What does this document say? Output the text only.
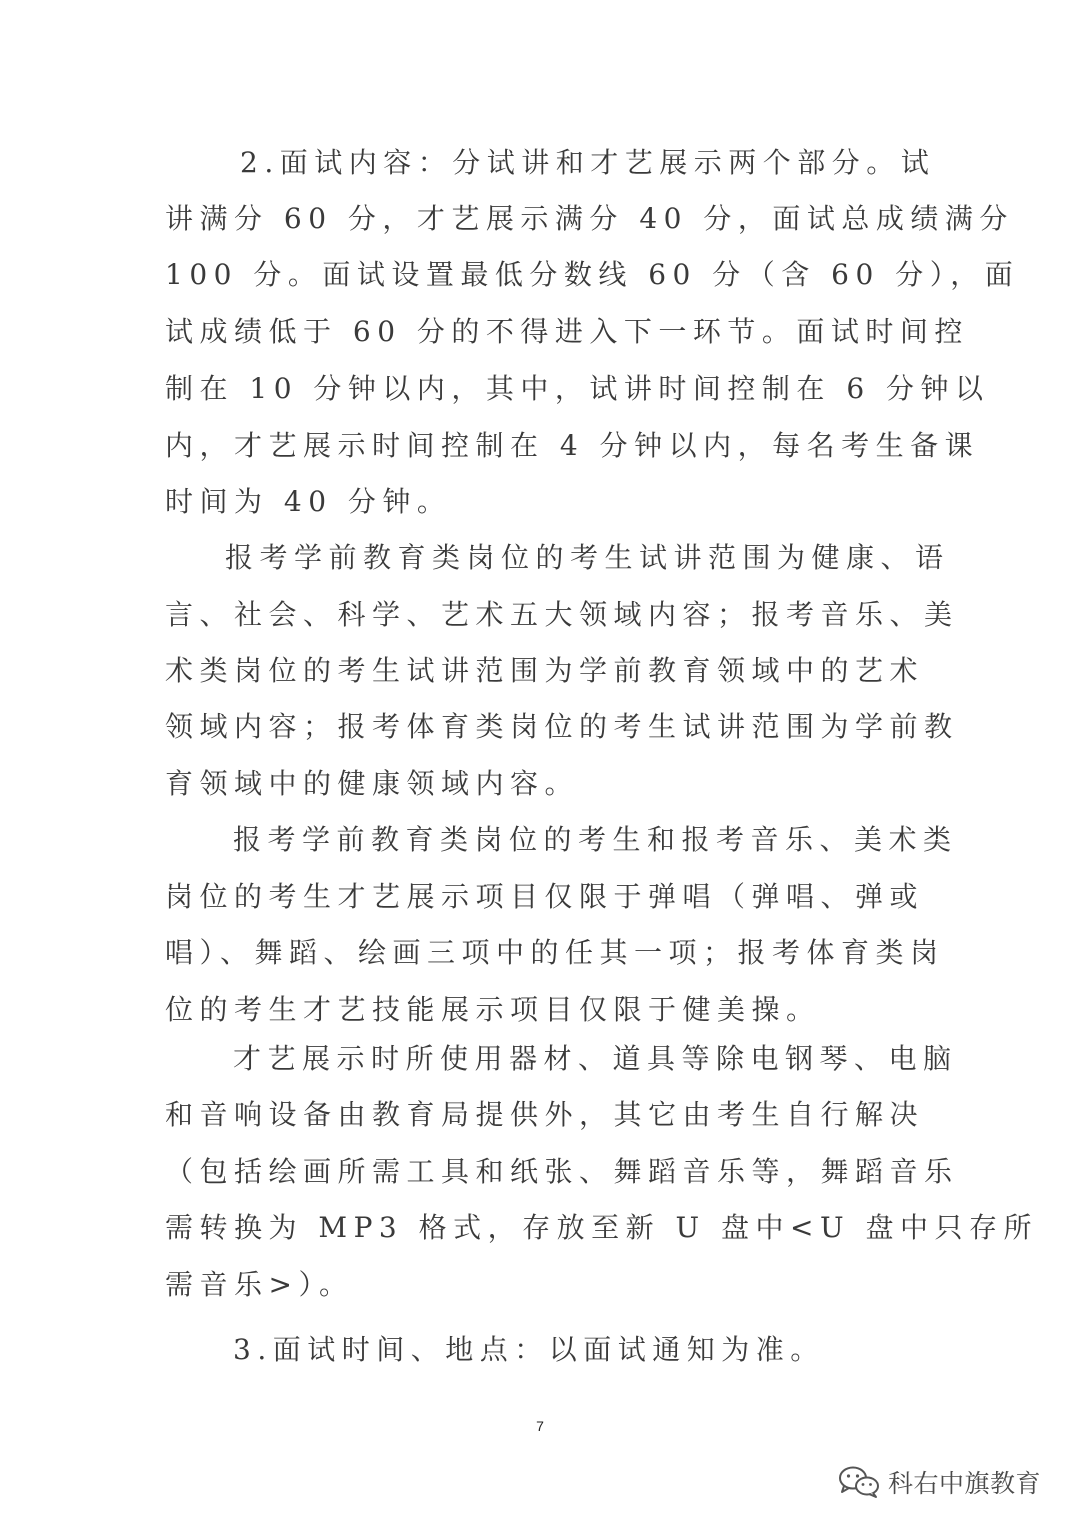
2.面试内容：分试讲和才艺展示两个部分。试
讲满分 60 分，才艺展示满分 40 分，面试总成绩满分
100 分。面试设置最低分数线 60 分（含 60 分），面
试成绩低于 60 分的不得进入下一环节。面试时间控
制在 10 分钟以内，其中，试讲时间控制在 6 分钟以
内，才艺展示时间控制在 4 分钟以内，每名考生备课
时间为 40 分钟。
报考学前教育类岗位的考生试讲范围为健康、语
言、社会、科学、艺术五大领域内容；报考音乐、美
术类岗位的考生试讲范围为学前教育领域中的艺术
领域内容；报考体育类岗位的考生试讲范围为学前教
育领域中的健康领域内容。
报考学前教育类岗位的考生和报考音乐、美术类
岗位的考生才艺展示项目仅限于弹唱（弹唱、弹或
唱）、舞蹈、绘画三项中的任其一项；报考体育类岗
位的考生才艺技能展示项目仅限于健美操。
才艺展示时所使用器材、道具等除电钢琴、电脑
和音响设备由教育局提供外，其它由考生自行解决
（包括绘画所需工具和纸张、舞蹈音乐等，舞蹈音乐
需转换为 MP3 格式，存放至新 U 盘中<U 盘中只存所
需音乐>）。
3.面试时间、地点：以面试通知为准。
7
科右中旗教育
